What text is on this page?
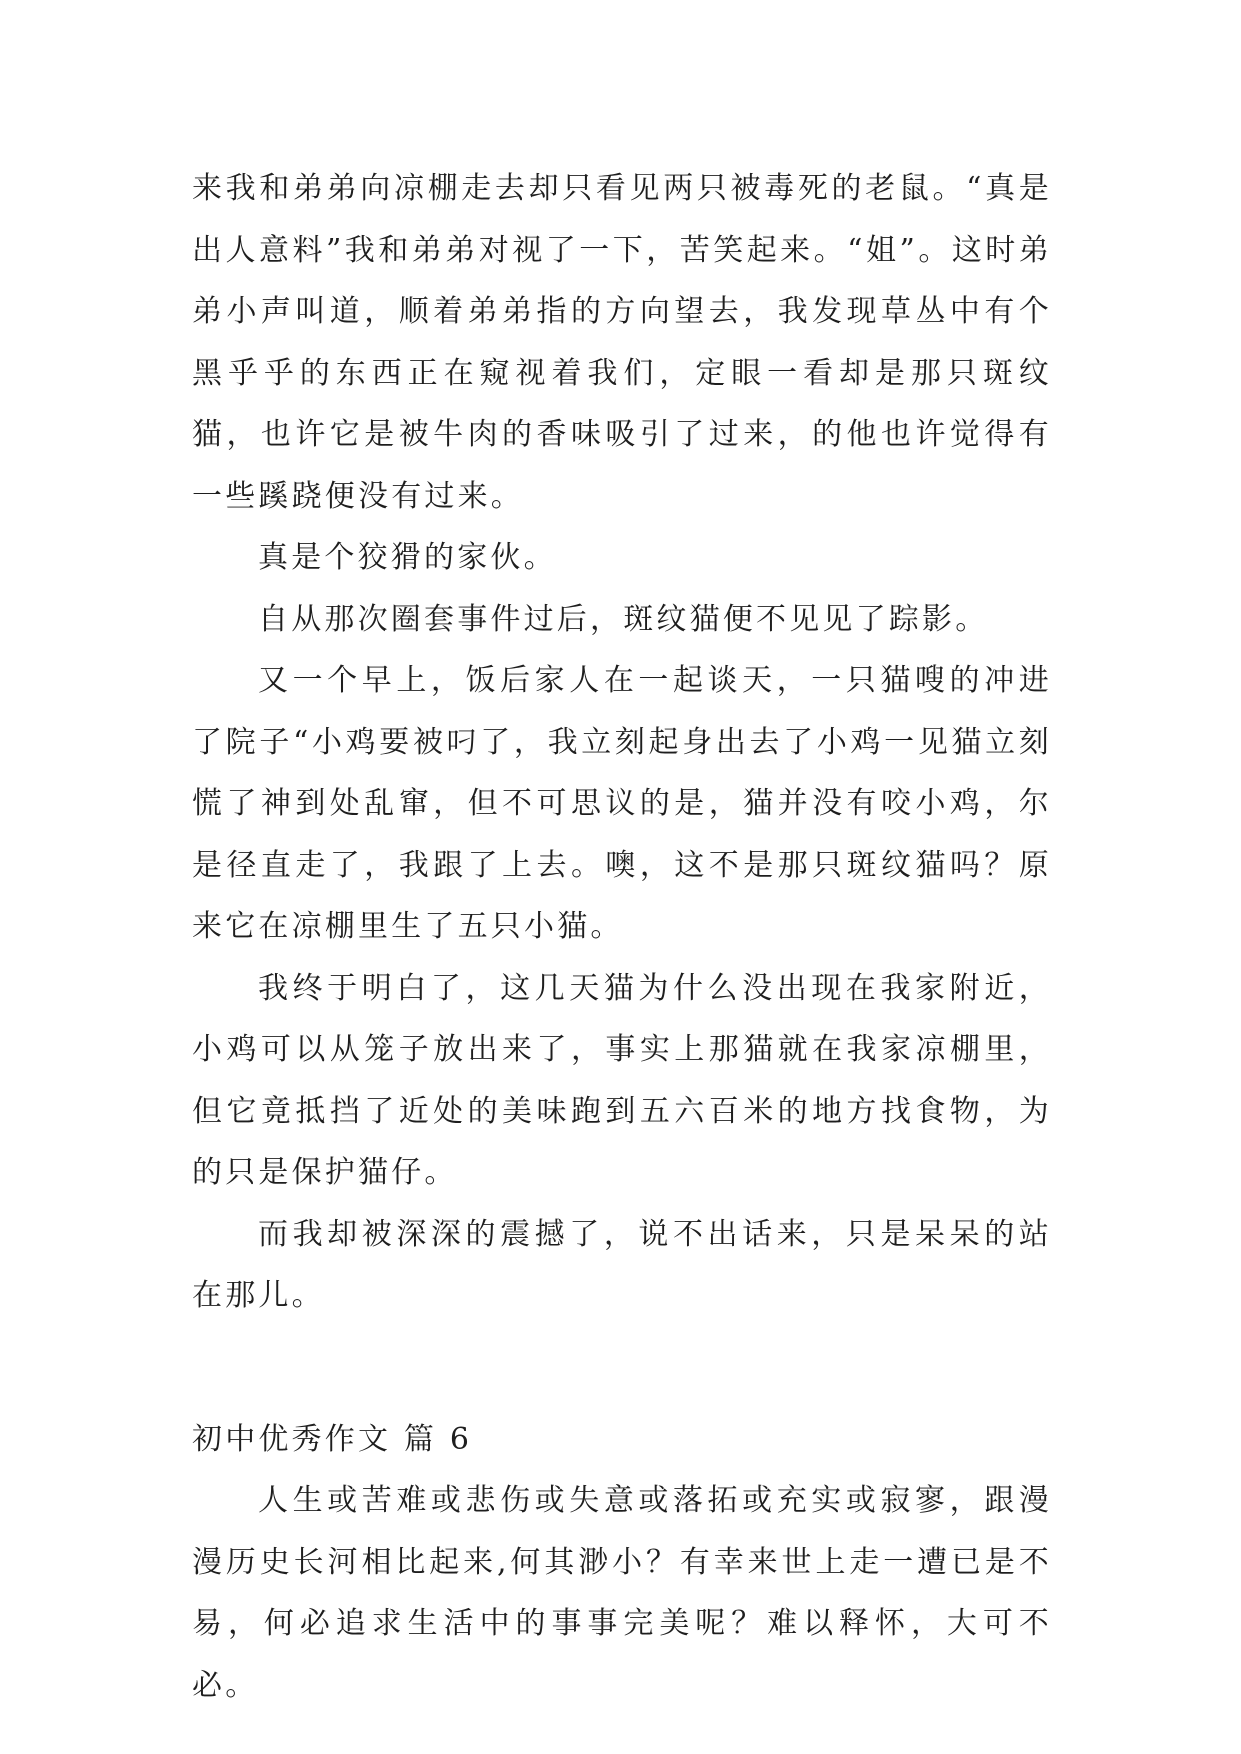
来我和弟弟向凉棚走去却只看见两只被毒死的老鼠。“真是出人意料”我和弟弟对视了一下，苦笑起来。“姐”。这时弟弟小声叫道，顺着弟弟指的方向望去，我发现草丛中有个黑乎乎的东西正在窥视着我们，定眼一看却是那只斑纹猫，也许它是被牛肉的香味吸引了过来，的他也许觉得有一些蹊跷便没有过来。

真是个狡猾的家伙。

自从那次圈套事件过后，斑纹猫便不见见了踪影。

又一个早上，饭后家人在一起谈天，一只猫嗖的冲进了院子“小鸡要被叼了，我立刻起身出去了小鸡一见猫立刻慌了神到处乱窜，但不可思议的是，猫并没有咬小鸡，尔是径直走了，我跟了上去。噢，这不是那只斑纹猫吗？原来它在凉棚里生了五只小猫。

我终于明白了，这几天猫为什么没出现在我家附近，小鸡可以从笼子放出来了，事实上那猫就在我家凉棚里，但它竟抵挡了近处的美味跑到五六百米的地方找食物，为的只是保护猫仔。

而我却被深深的震撼了，说不出话来，只是呆呆的站在那儿。

初中优秀作文 篇 6

人生或苦难或悲伤或失意或落拓或充实或寂寥，跟漫漫历史长河相比起来,何其渺小？有幸来世上走一遭已是不易，何必追求生活中的事事完美呢？难以释怀，大可不必。
